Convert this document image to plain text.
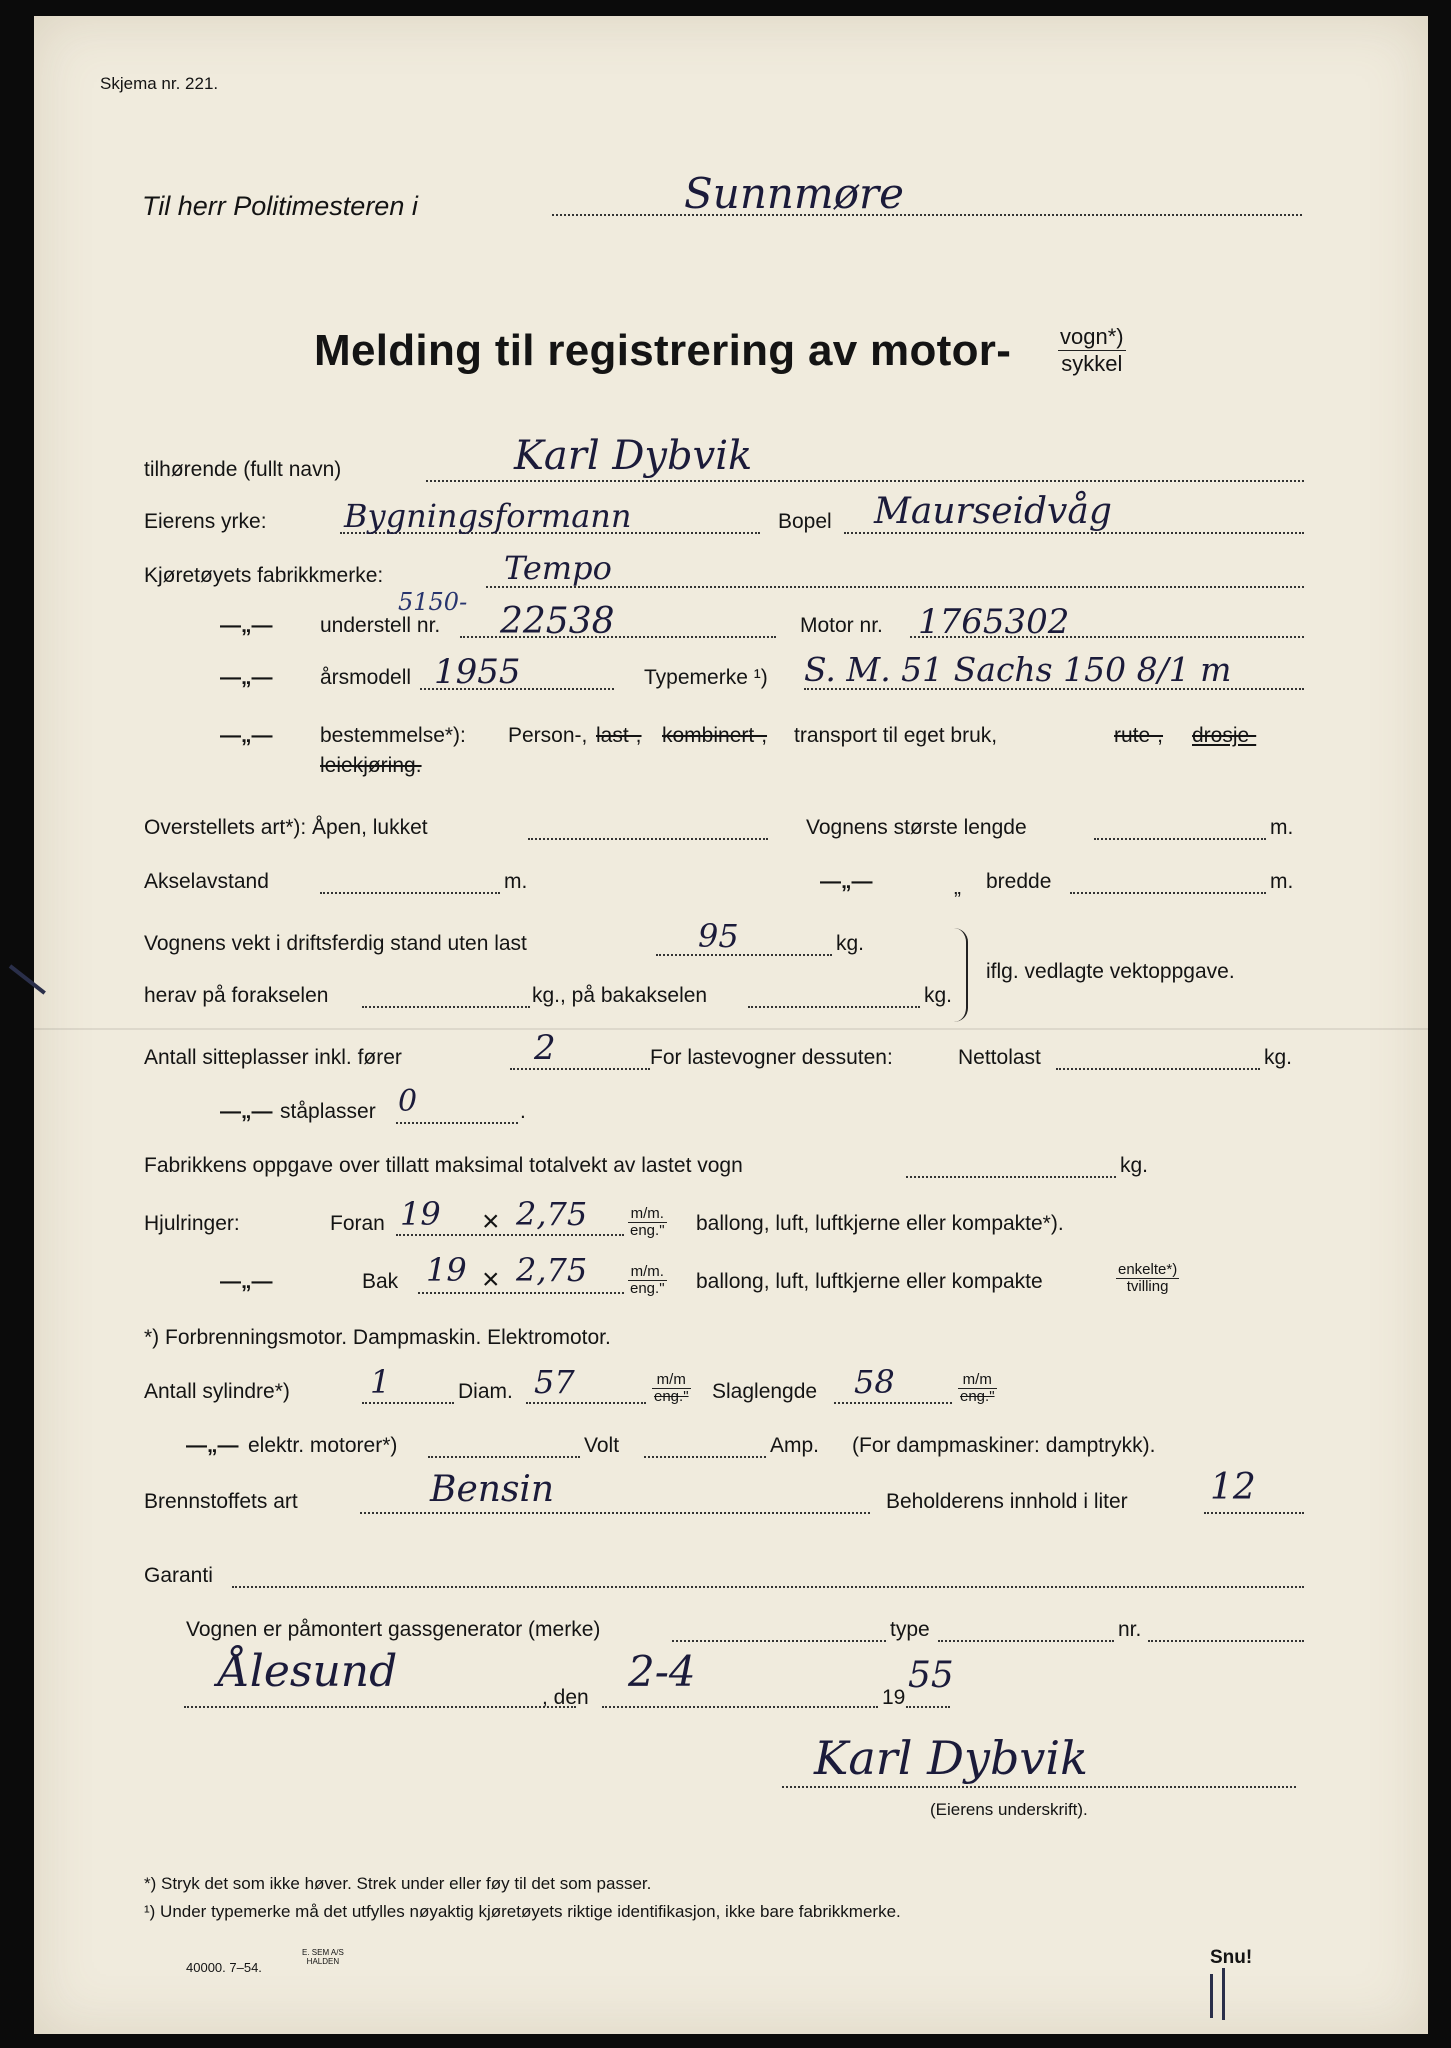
Skjema nr. 221.
Til herr Politimesteren i	Sunnmøre
Melding til registrering av motor- vogn*)
sykkel
tilhørende (fullt navn)	Karl Dybvik
Eierens yrke: Bygningsformann	Bopel Maurseidvåg
Kjøretøyets fabrikkmerke:	Tempo
—„— understell nr.
5150- 22538	Motor nr. 1765302
—„— årsmodell 1955	Typemerke ¹) S. M. 51 Sachs 150 8/1 m
—„— bestemmelse*): Person-, last-, kombinert-, transport til eget bruk,	rute-, drosje-
leiekjøring.
Overstellets art*): Åpen, lukket	Vognens største lengde	m.
Akselavstand	m.	—„—	„ bredde	m.
Vognens vekt i driftsferdig stand uten last	95	kg.
herav på forakselen	kg., på bakakselen	kg.
iflg. vedlagte vektoppgave.
Antall sitteplasser inkl. fører	2	For lastevogner dessuten:	Nettolast	kg.
—„— ståplasser 0	.
Fabrikkens oppgave over tillatt maksimal totalvekt av lastet vogn	kg.
Hjulringer:	Foran 19 × 2,75	m/m.
eng." ballong, luft, luftkjerne eller kompakte*).
—„—	Bak 19 × 2,75	m/m.
eng." ballong, luft, luftkjerne eller kompakte
enkelte*)
tvilling
*) Forbrenningsmotor. Dampmaskin. Elektromotor.
Antall sylindre*)	1	Diam. 57	m/m
eng." Slaglengde 58	m/m
eng."
—„— elektr. motorer*)	Volt	Amp. (For dampmaskiner: damptrykk).
Brennstoffets art	Bensin	Beholderens innhold i liter 12
Garanti
Vognen er påmontert gassgenerator (merke)	type	nr.
Ålesund
, den
2-4
19
55
Karl Dybvik
(Eierens underskrift).
*) Stryk det som ikke høver. Strek under eller føy til det som passer.
¹) Under typemerke må det utfylles nøyaktig kjøretøyets riktige identifikasjon, ikke bare fabrikkmerke.
40000. 7–54.
E. SEM A/S
HALDEN	Snu!
